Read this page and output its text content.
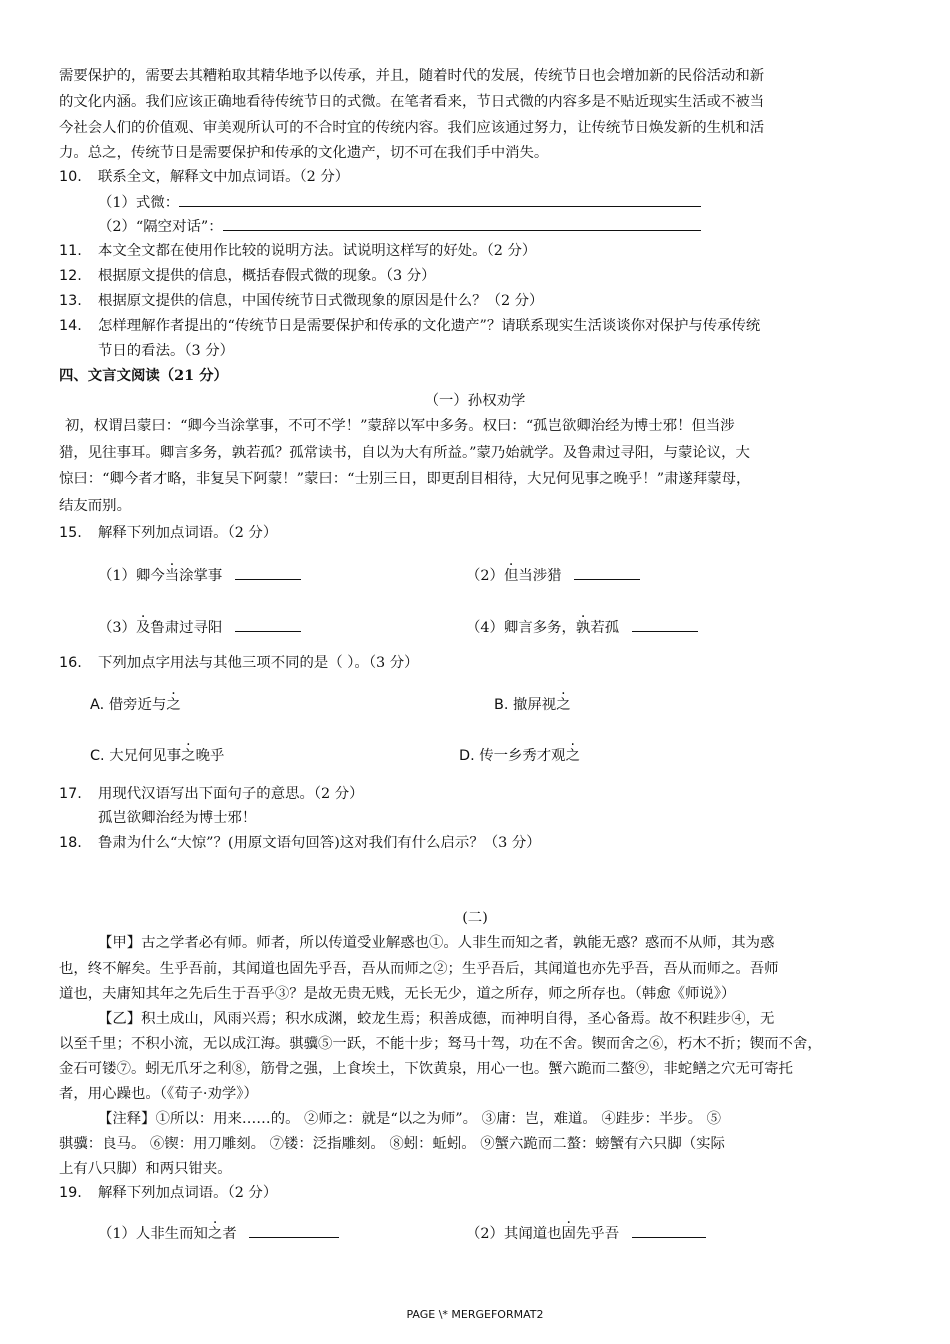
需要保护的，需要去其糟粕取其精华地予以传承，并且，随着时代的发展，传统节日也会增加新的民俗活动和新
的文化内涵。我们应该正确地看待传统节日的式微。在笔者看来，节日式微的内容多是不贴近现实生活或不被当
今社会人们的价值观、审美观所认可的不合时宜的传统内容。我们应该通过努力，让传统节日焕发新的生机和活
力。总之，传统节日是需要保护和传承的文化遗产，切不可在我们手中消失。
10. 联系全文，解释文中加点词语。（2 分）
（1）式微：
（2）“隔空对话”：
11. 本文全文都在使用作比较的说明方法。试说明这样写的好处。（2 分）
12. 根据原文提供的信息，概括春假式微的现象。（3 分）
13. 根据原文提供的信息，中国传统节日式微现象的原因是什么？（2 分）
14. 怎样理解作者提出的“传统节日是需要保护和传承的文化遗产”？请联系现实生活谈谈你对保护与传承传统
节日的看法。（3 分）
四、文言文阅读（21 分）
（一）孙权劝学
初，权谓吕蒙曰：“卿今当涂掌事，不可不学！”蒙辞以军中多务。权曰：“孤岂欲卿治经为博士邪！但当涉
猎，见往事耳。卿言多务，孰若孤？孤常读书，自以为大有所益。”蒙乃始就学。及鲁肃过寻阳，与蒙论议，大
惊曰：“卿今者才略，非复吴下阿蒙！”蒙曰：“士别三日，即更刮目相待，大兄何见事之晚乎！”肃遂拜蒙母，
结友而别。
15. 解释下列加点词语。（2 分）
（1）卿今当涂掌事	（2）但当涉猎
（3）及鲁肃过寻阳	（4）卿言多务，孰若孤
16. 下列加点字用法与其他三项不同的是（ ）。（3 分）
A. 借旁近与之	B. 撤屏视之
C. 大兄何见事之晚乎	D. 传一乡秀才观之
17. 用现代汉语写出下面句子的意思。（2 分）
孤岂欲卿治经为博士邪！
18. 鲁肃为什么“大惊”？(用原文语句回答)这对我们有什么启示？（3 分）
(二)
【甲】古之学者必有师。师者，所以传道受业解惑也①。人非生而知之者，孰能无惑？惑而不从师，其为惑
也，终不解矣。生乎吾前，其闻道也固先乎吾，吾从而师之②；生乎吾后，其闻道也亦先乎吾，吾从而师之。吾师
道也，夫庸知其年之先后生于吾乎③？是故无贵无贱，无长无少，道之所存，师之所存也。（韩愈《师说》）
【乙】积土成山，风雨兴焉；积水成渊，蛟龙生焉；积善成德，而神明自得，圣心备焉。故不积跬步④，无
以至千里；不积小流，无以成江海。骐骥⑤一跃，不能十步；驽马十驾，功在不舍。锲而舍之⑥，朽木不折；锲而不舍，
金石可镂⑦。蚓无爪牙之利⑧，筋骨之强，上食埃土，下饮黄泉，用心一也。蟹六跪而二螯⑨，非蛇鳝之穴无可寄托
者，用心躁也。（《荀子·劝学》）
【注释】①所以：用来……的。 ②师之：就是“以之为师”。 ③庸：岂，难道。 ④跬步：半步。 ⑤
骐骥：良马。 ⑥锲：用刀雕刻。 ⑦镂：泛指雕刻。 ⑧蚓：蚯蚓。 ⑨蟹六跪而二螯：螃蟹有六只脚（实际
上有八只脚）和两只钳夹。
19. 解释下列加点词语。（2 分）
（1）人非生而知之者	（2）其闻道也固先乎吾
PAGE \* MERGEFORMAT2
